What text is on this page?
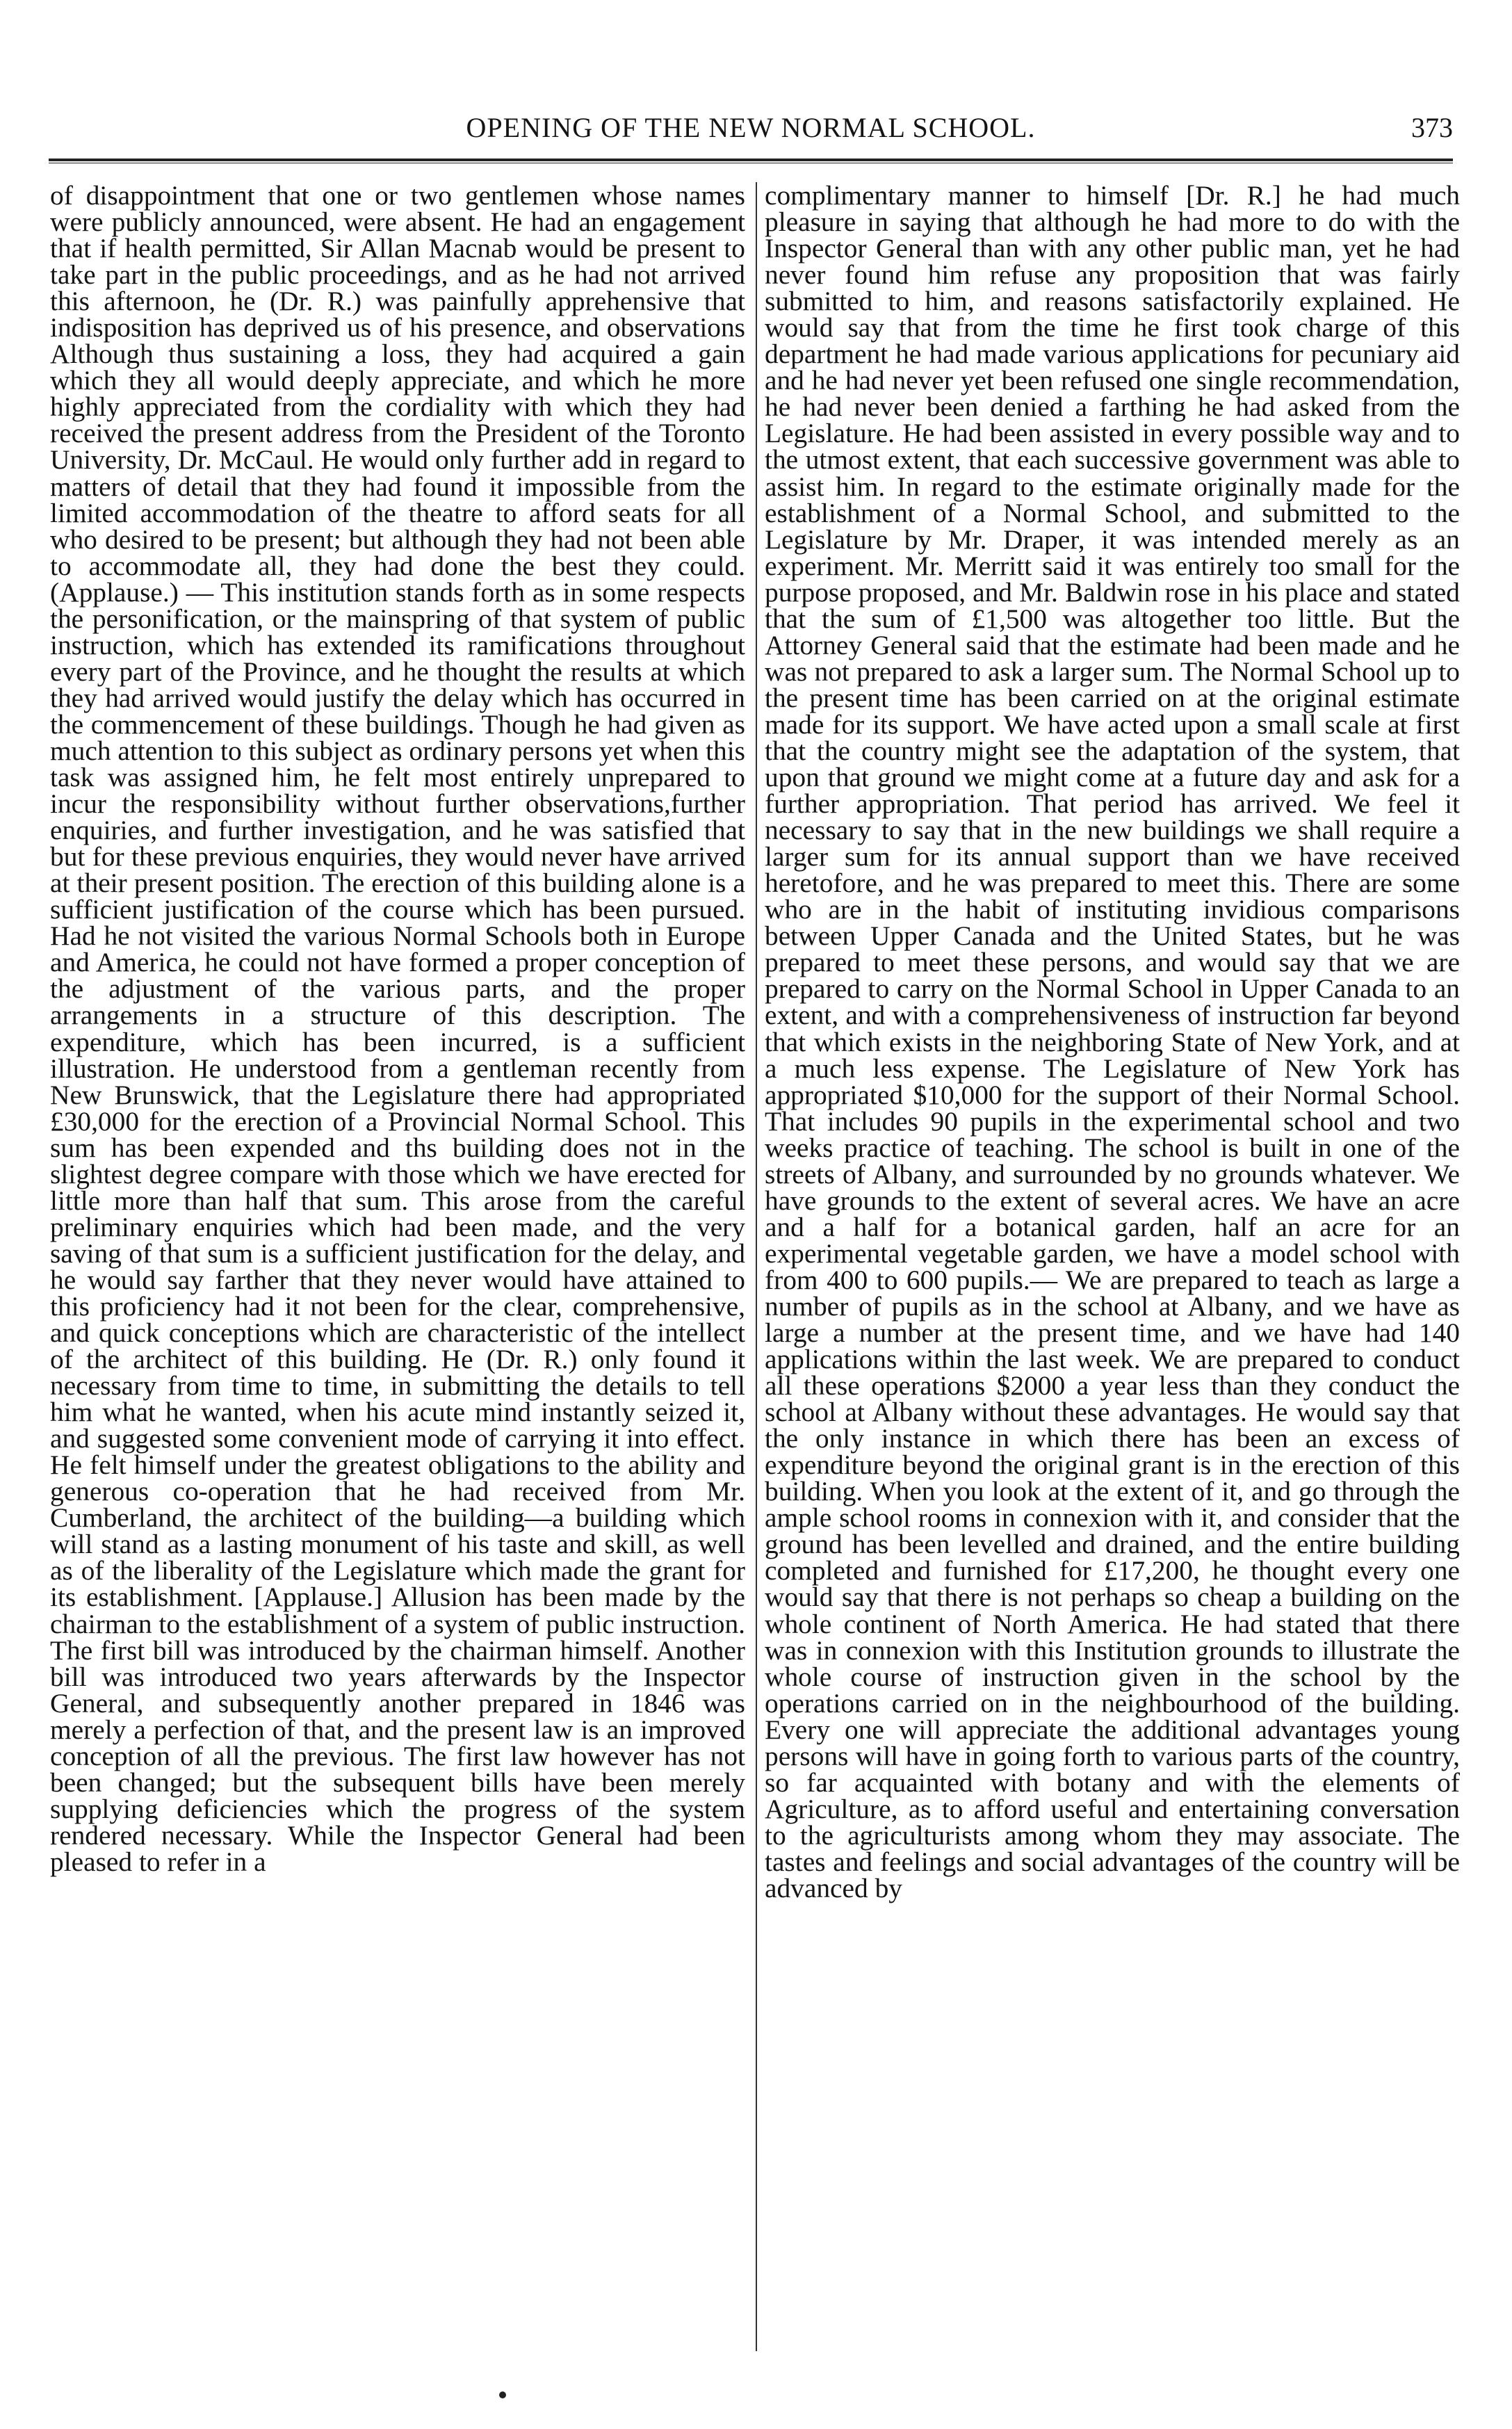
OPENING OF THE NEW NORMAL SCHOOL.	373

of disappointment that one or two gentlemen whose names were publicly announced, were absent. He had an engagement that if health permitted, Sir Allan Macnab would be present to take part in the public proceedings, and as he had not arrived this afternoon, he (Dr. R.) was painfully apprehensive that indisposition has deprived us of his presence, and observations Although thus sustaining a loss, they had acquired a gain which they all would deeply appreciate, and which he more highly appreciated from the cordiality with which they had received the present address from the President of the Toronto University, Dr. McCaul. He would only further add in regard to matters of detail that they had found it impossible from the limited accommodation of the theatre to afford seats for all who desired to be present; but although they had not been able to accommodate all, they had done the best they could. (Applause.) — This institution stands forth as in some respects the personification, or the mainspring of that system of public instruction, which has extended its ramifications throughout every part of the Province, and he thought the results at which they had arrived would justify the delay which has occurred in the commencement of these buildings. Though he had given as much attention to this subject as ordinary persons yet when this task was assigned him, he felt most entirely unprepared to incur the responsibility without further observations,further enquiries, and further investigation, and he was satisfied that but for these previous enquiries, they would never have arrived at their present position. The erection of this building alone is a sufficient justification of the course which has been pursued. Had he not visited the various Normal Schools both in Europe and America, he could not have formed a proper conception of the adjustment of the various parts, and the proper arrangements in a structure of this description. The expenditure, which has been incurred, is a sufficient illustration. He understood from a gentleman recently from New Brunswick, that the Legislature there had appropriated £30,000 for the erection of a Provincial Normal School. This sum has been expended and ths building does not in the slightest degree compare with those which we have erected for little more than half that sum. This arose from the careful preliminary enquiries which had been made, and the very saving of that sum is a sufficient justification for the delay, and he would say farther that they never would have attained to this proficiency had it not been for the clear, comprehensive, and quick conceptions which are characteristic of the intellect of the architect of this building. He (Dr. R.) only found it necessary from time to time, in submitting the details to tell him what he wanted, when his acute mind instantly seized it, and suggested some convenient mode of carrying it into effect. He felt himself under the greatest obligations to the ability and generous co-operation that he had received from Mr. Cumberland, the architect of the building—a building which will stand as a lasting monument of his taste and skill, as well as of the liberality of the Legislature which made the grant for its establishment. [Applause.] Allusion has been made by the chairman to the establishment of a system of public instruction. The first bill was introduced by the chairman himself. Another bill was introduced two years afterwards by the Inspector General, and subsequently another prepared in 1846 was merely a perfection of that, and the present law is an improved conception of all the previous. The first law however has not been changed; but the subsequent bills have been merely supplying deficiencies which the progress of the system rendered necessary. While the Inspector General had been pleased to refer in a

complimentary manner to himself [Dr. R.] he had much pleasure in saying that although he had more to do with the Inspector General than with any other public man, yet he had never found him refuse any proposition that was fairly submitted to him, and reasons satisfactorily explained. He would say that from the time he first took charge of this department he had made various applications for pecuniary aid and he had never yet been refused one single recommendation, he had never been denied a farthing he had asked from the Legislature. He had been assisted in every possible way and to the utmost extent, that each successive government was able to assist him. In regard to the estimate originally made for the establishment of a Normal School, and submitted to the Legislature by Mr. Draper, it was intended merely as an experiment. Mr. Merritt said it was entirely too small for the purpose proposed, and Mr. Baldwin rose in his place and stated that the sum of £1,500 was altogether too little. But the Attorney General said that the estimate had been made and he was not prepared to ask a larger sum. The Normal School up to the present time has been carried on at the original estimate made for its support. We have acted upon a small scale at first that the country might see the adaptation of the system, that upon that ground we might come at a future day and ask for a further appropriation. That period has arrived. We feel it necessary to say that in the new buildings we shall require a larger sum for its annual support than we have received heretofore, and he was prepared to meet this. There are some who are in the habit of instituting invidious comparisons between Upper Canada and the United States, but he was prepared to meet these persons, and would say that we are prepared to carry on the Normal School in Upper Canada to an extent, and with a comprehensiveness of instruction far beyond that which exists in the neighboring State of New York, and at a much less expense. The Legislature of New York has appropriated $10,000 for the support of their Normal School. That includes 90 pupils in the experimental school and two weeks practice of teaching. The school is built in one of the streets of Albany, and surrounded by no grounds whatever. We have grounds to the extent of several acres. We have an acre and a half for a botanical garden, half an acre for an experimental vegetable garden, we have a model school with from 400 to 600 pupils.— We are prepared to teach as large a number of pupils as in the school at Albany, and we have as large a number at the present time, and we have had 140 applications within the last week. We are prepared to conduct all these operations $2000 a year less than they conduct the school at Albany without these advantages. He would say that the only instance in which there has been an excess of expenditure beyond the original grant is in the erection of this building. When you look at the extent of it, and go through the ample school rooms in connexion with it, and consider that the ground has been levelled and drained, and the entire building completed and furnished for £17,200, he thought every one would say that there is not perhaps so cheap a building on the whole continent of North America. He had stated that there was in connexion with this Institution grounds to illustrate the whole course of instruction given in the school by the operations carried on in the neighbourhood of the building. Every one will appreciate the additional advantages young persons will have in going forth to various parts of the country, so far acquainted with botany and with the elements of Agriculture, as to afford useful and entertaining conversation to the agriculturists among whom they may associate. The tastes and feelings and social advantages of the country will be advanced by
